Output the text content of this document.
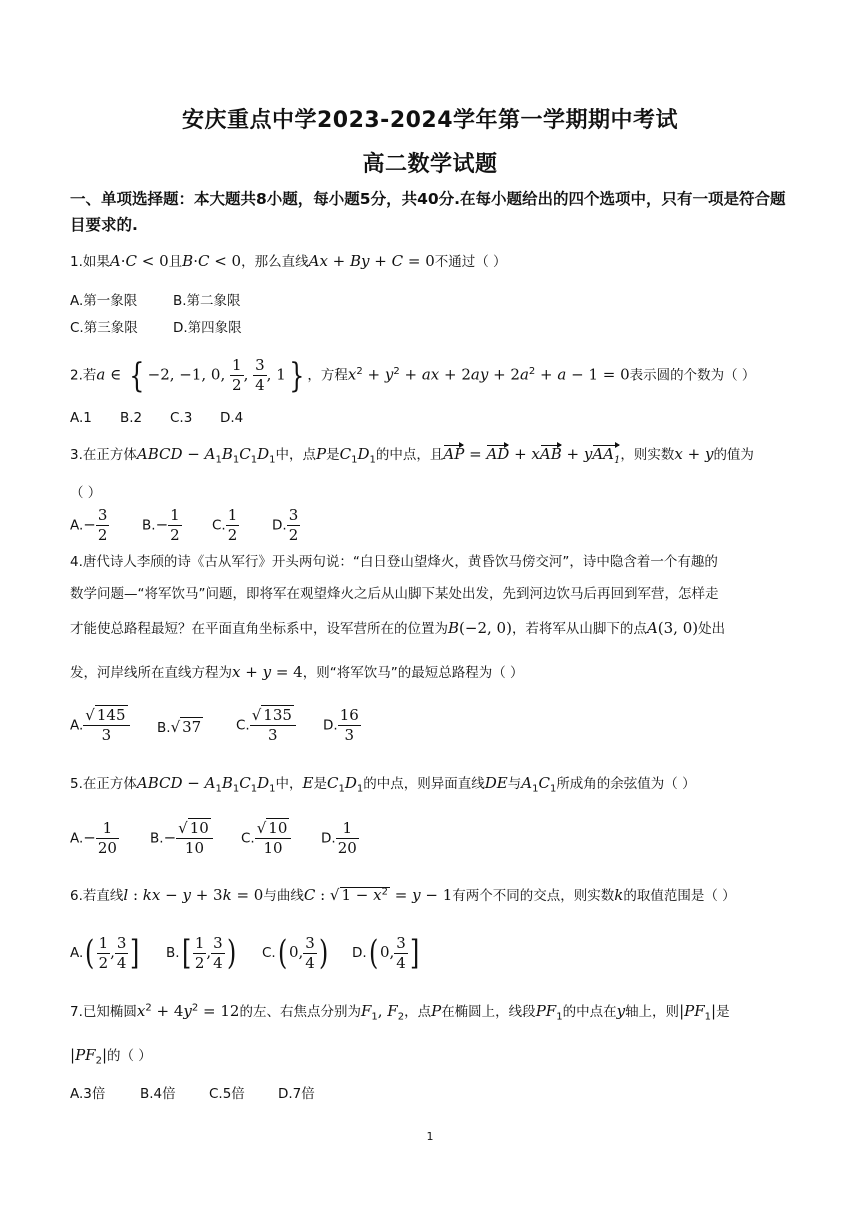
安庆重点中学2023-2024学年第一学期期中考试
高二数学试题
一、单项选择题：本大题共8小题，每小题5分，共40分.在每小题给出的四个选项中，只有一项是符合题目要求的.
1.如果A·C < 0且B·C < 0，那么直线Ax + By + C = 0不通过（ ）
A.第一象限	B.第二象限
C.第三象限	D.第四象限
2.若a ∈ { −2, −1, 0, $\frac{1}{2}$ , $\frac{3}{4}$ , 1} ，方程$x^2 + y^2$ + ax + $2ay + 2a^2 + a - 1 = 0$表示圆的个数为（ ）
A.1 B.2 C.3 D.4
3.在正方体ABCD − $A_1B_1C_1D_1$中，点P是$C_1D_1$的中点，且AP = AD + xAB + yAA$_1$，则实数x + y的值为
（ ）
$A.- \frac{3}{2} B.- \frac{1}{2} C$. $\frac{1}{2} D$. $\frac{3}{2}$
4.唐代诗人李颀的诗《古从军行》开头两句说：“白日登山望烽火，黄昏饮马傍交河”，诗中隐含着一个有趣的
数学问题—“将军饮马”问题，即将军在观望烽火之后从山脚下某处出发，先到河边饮马后再回到军营，怎样走
才能使总路程最短？在平面直角坐标系中，设军营所在的位置为B(−2, 0)，若将军从山脚下的点A(3, 0)处出
发，河岸线所在直线方程为x + y = 4，则“将军饮马”的最短总路程为（ ）
A. $\frac{√ 145}{3} B.√$ 37	C. $\frac{√ 135}{3} D$. $\frac{16}{3}$
5.在正方体ABCD − $A_1B_1C_1D_1$中，E是$C_1D_1$的中点，则异面直线DE与$A_1C_1$所成角的余弦值为（ ）
$A.- \frac{1}{20} B.- \frac{√ 10}{10} C$. $\frac{√ 10}{10} D$. $\frac{1}{20}$
6.若直线l : kx − y + 3k = 0与曲线C : √ $1 - x^2 = y - 1$有两个不同的交点，则实数k的取值范围是（ ）
$A.( \frac{1}{2}$ , $\frac{3}{4}$ ] $B.[ \frac{1}{2}$ , $\frac{3}{4}$ ) C.( 0, $\frac{3}{4}$ ) D.( 0, $\frac{3}{4}$ ]
7.已知椭圆$x^2 + 4y^2 = 12$的左、右焦点分别为$F_1$, $F_2$，点P在椭圆上，线段$PF_1$的中点在y轴上，则$|PF_1|$是
$|PF_2|$的（ ）
A.3倍	B.4倍 C.5倍 D.7倍
1
